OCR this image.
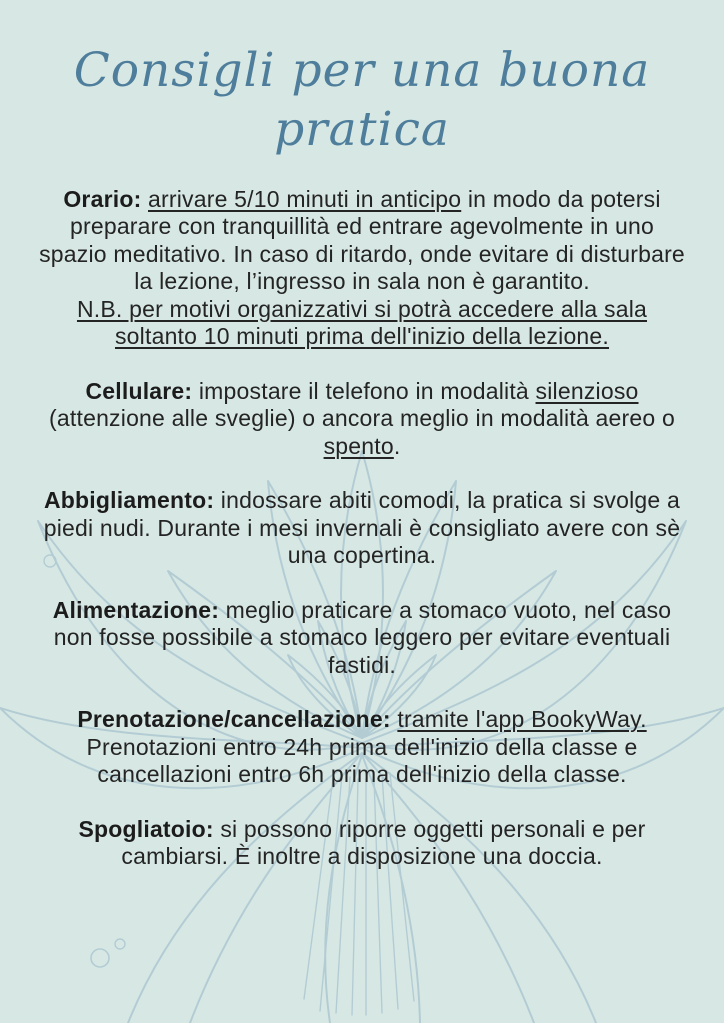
Consigli per una buona pratica

Orario: arrivare 5/10 minuti in anticipo in modo da potersi preparare con tranquillità ed entrare agevolmente in uno spazio meditativo. In caso di ritardo, onde evitare di disturbare la lezione, l’ingresso in sala non è garantito.
N.B. per motivi organizzativi si potrà accedere alla sala soltanto 10 minuti prima dell'inizio della lezione.

Cellulare: impostare il telefono in modalità silenzioso (attenzione alle sveglie) o ancora meglio in modalità aereo o spento.

Abbigliamento: indossare abiti comodi, la pratica si svolge a piedi nudi. Durante i mesi invernali è consigliato avere con sè una copertina.

Alimentazione: meglio praticare a stomaco vuoto, nel caso non fosse possibile a stomaco leggero per evitare eventuali fastidi.

Prenotazione/cancellazione: tramite l'app BookyWay. Prenotazioni entro 24h prima dell'inizio della classe e cancellazioni entro 6h prima dell'inizio della classe.

Spogliatoio: si possono riporre oggetti personali e per cambiarsi. È inoltre a disposizione una doccia.
